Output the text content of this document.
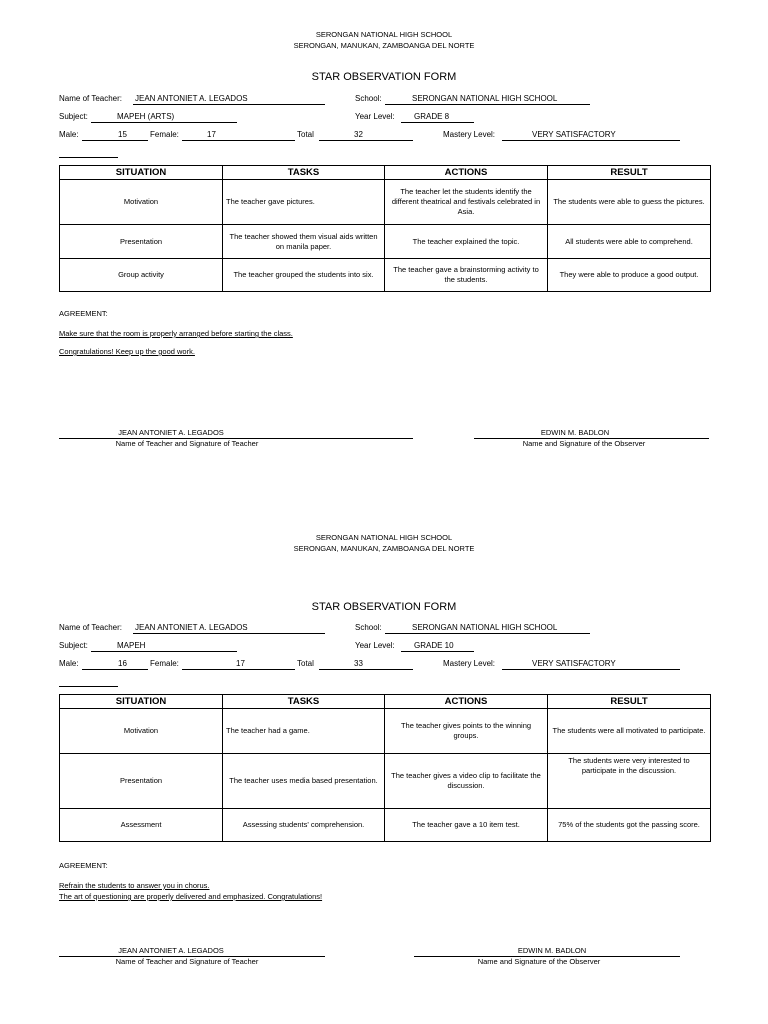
SERONGAN NATIONAL HIGH SCHOOL
SERONGAN, MANUKAN, ZAMBOANGA DEL NORTE
STAR OBSERVATION FORM
Name of Teacher: JEAN ANTONIET A. LEGADOS	School:	SERONGAN NATIONAL HIGH SCHOOL
Subject:	MAPEH (ARTS)	Year Level:	GRADE 8
Male:	15	Female:	17	Total	32	Mastery Level:	VERY SATISFACTORY
SITUATION	TASKS	ACTIONS	RESULT
Motivation	The teacher gave pictures.	The teacher let the students identify the different theatrical and festivals celebrated in Asia.	The students were able to guess the pictures.
Presentation	The teacher showed them visual aids written on manila paper.	The teacher explained the topic.	All students were able to comprehend.
Group activity	The teacher grouped the students into six.	The teacher gave a brainstorming activity to the students.	They were able to produce a good output.
AGREEMENT:
Make sure that the room is properly arranged before starting the class.
Congratulations! Keep up the good work.
JEAN ANTONIET A. LEGADOS
Name of Teacher and Signature of Teacher
EDWIN M. BADLON
Name and Signature of the Observer
SERONGAN NATIONAL HIGH SCHOOL
SERONGAN, MANUKAN, ZAMBOANGA DEL NORTE
STAR OBSERVATION FORM
Name of Teacher: JEAN ANTONIET A. LEGADOS	School:	SERONGAN NATIONAL HIGH SCHOOL
Subject:	MAPEH	Year Level:	GRADE 10
Male:	16	Female:	17	Total	33	Mastery Level:	VERY SATISFACTORY
SITUATION	TASKS	ACTIONS	RESULT
Motivation	The teacher had a game.	The teacher gives points to the winning groups.	The students were all motivated to participate.
Presentation	The teacher uses media based presentation.	The teacher gives a video clip to facilitate the discussion.	The students were very interested to participate in the discussion.
Assessment	Assessing students' comprehension.	The teacher gave a 10 item test.	75% of the students got the passing score.
AGREEMENT:
Refrain the students to answer you in chorus.
The art of questioning are properly delivered and emphasized. Congratulations!
JEAN ANTONIET A. LEGADOS
Name of Teacher and Signature of Teacher
EDWIN M. BADLON
Name and Signature of the Observer
